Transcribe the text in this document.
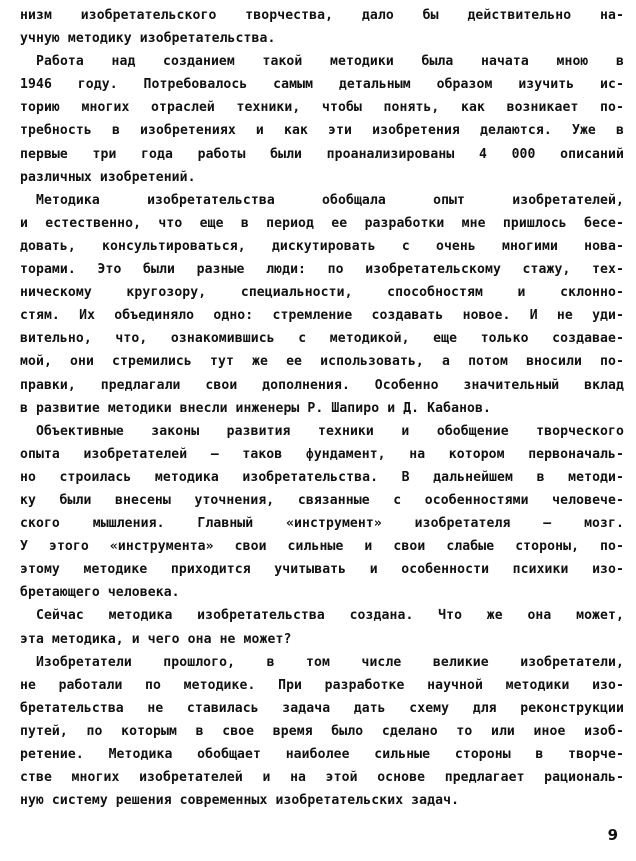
низм изобретательского творчества, дало бы действительно на-
учную методику изобретательства.
Работа над созданием такой методики была начата мною в
1946 году. Потребовалось самым детальным образом изучить ис-
торию многих отраслей техники, чтобы понять, как возникает по-
требность в изобретениях и как эти изобретения делаются. Уже в
первые три года работы были проанализированы 4 000 описаний
различных изобретений.
Методика изобретательства обобщала опыт изобретателей,
и естественно, что еще в период ее разработки мне пришлось бесе-
довать, консультироваться, дискутировать с очень многими нова-
торами. Это были разные люди: по изобретательскому стажу, тех-
ническому кругозору, специальности, способностям и склонно-
стям. Их объединяло одно: стремление создавать новое. И не уди-
вительно, что, ознакомившись с методикой, еще только создавае-
мой, они стремились тут же ее использовать, а потом вносили по-
правки, предлагали свои дополнения. Особенно значительный вклад
в развитие методики внесли инженеры Р. Шапиро и Д. Кабанов.
Объективные законы развития техники и обобщение творческого
опыта изобретателей — таков фундамент, на котором первоначаль-
но строилась методика изобретательства. В дальнейшем в методи-
ку были внесены уточнения, связанные с особенностями человече-
ского мышления. Главный «инструмент» изобретателя — мозг.
У этого «инструмента» свои сильные и свои слабые стороны, по-
этому методике приходится учитывать и особенности психики изо-
бретающего человека.
Сейчас методика изобретательства создана. Что же она может,
эта методика, и чего она не может?
Изобретатели прошлого, в том числе великие изобретатели,
не работали по методике. При разработке научной методики изо-
бретательства не ставилась задача дать схему для реконструкции
путей, по которым в свое время было сделано то или иное изоб-
ретение. Методика обобщает наиболее сильные стороны в творче-
стве многих изобретателей и на этой основе предлагает рациональ-
ную систему решения современных изобретательских задач.
9
